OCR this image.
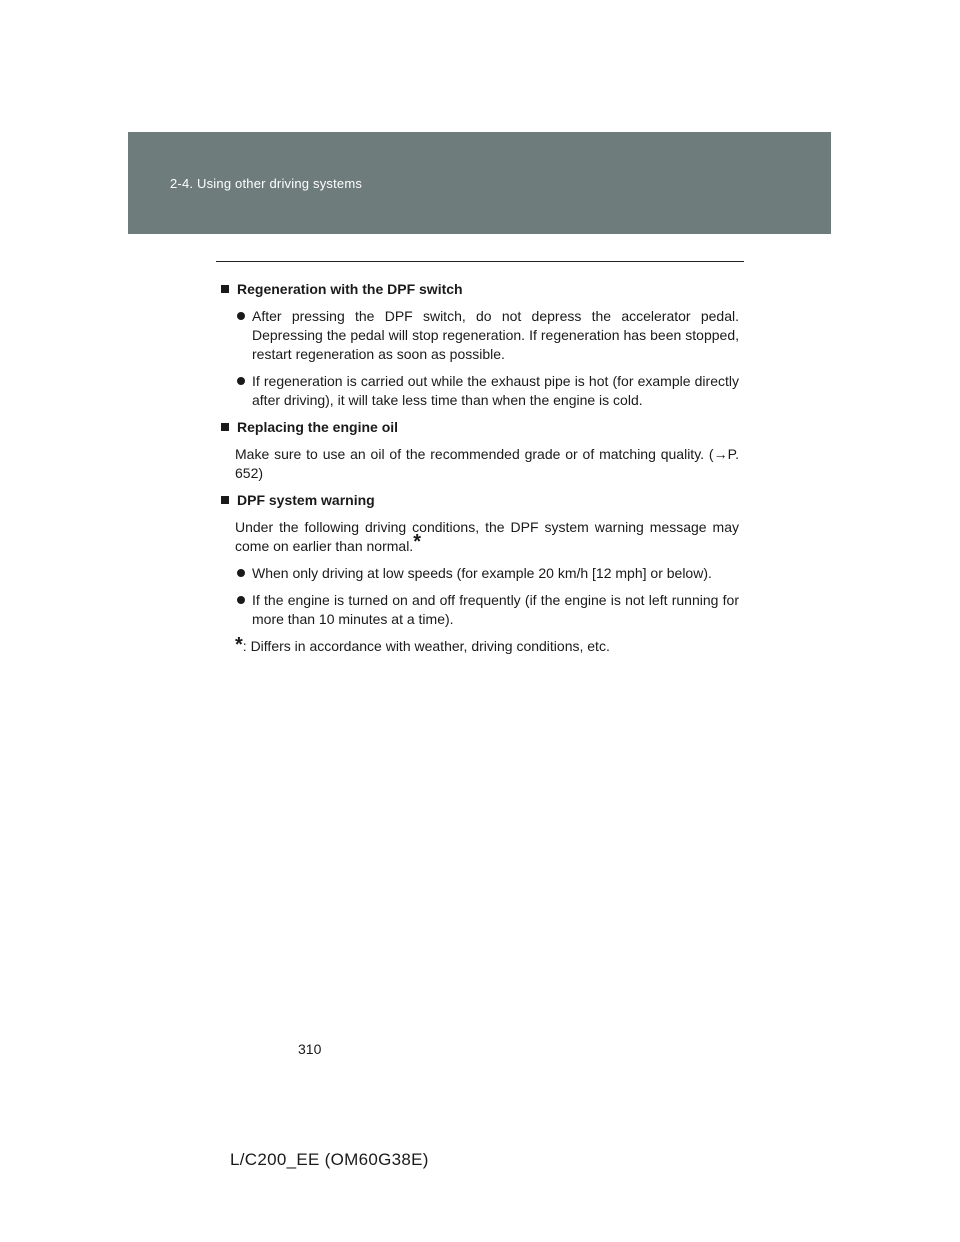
2-4. Using other driving systems
Regeneration with the DPF switch
After pressing the DPF switch, do not depress the accelerator pedal. Depressing the pedal will stop regeneration. If regeneration has been stopped, restart regeneration as soon as possible.
If regeneration is carried out while the exhaust pipe is hot (for example directly after driving), it will take less time than when the engine is cold.
Replacing the engine oil
Make sure to use an oil of the recommended grade or of matching quality. (→P. 652)
DPF system warning
Under the following driving conditions, the DPF system warning message may come on earlier than normal.*
When only driving at low speeds (for example 20 km/h [12 mph] or below).
If the engine is turned on and off frequently (if the engine is not left running for more than 10 minutes at a time).
*: Differs in accordance with weather, driving conditions, etc.
310
L/C200_EE (OM60G38E)
